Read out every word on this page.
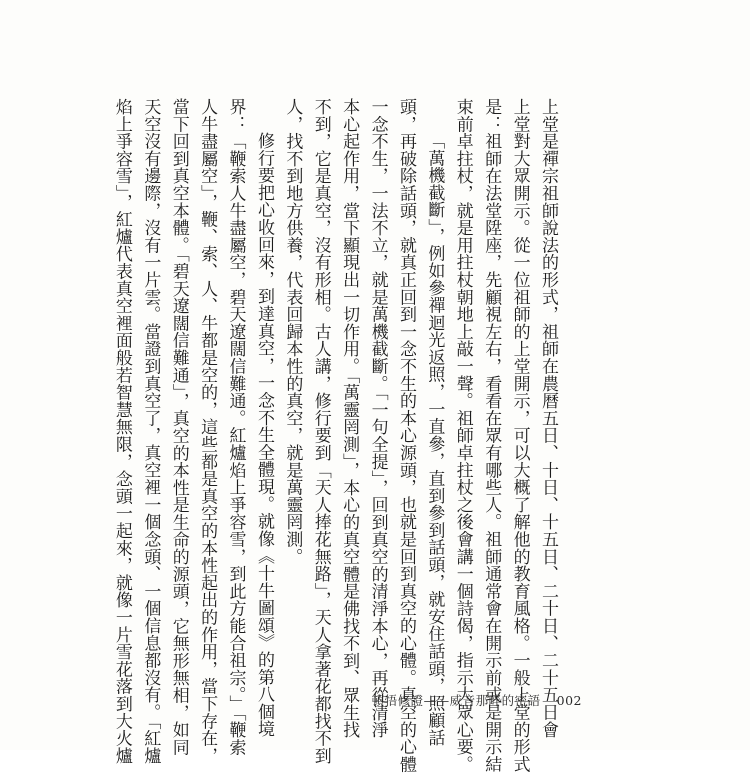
上堂是禪宗祖師說法的形式，祖師在農曆五日、十日、十五日、二十日、二十五日會

上堂對大眾開示。從一位祖師的上堂開示，可以大概了解他的教育風格。一般上堂的形式

是：祖師在法堂陞座，先顧視左右，看看在眾有哪些人。祖師通常會在開示前或是開示結

束前卓拄杖，就是用拄杖朝地上敲一聲。祖師卓拄杖之後會講一個詩偈，指示大眾心要。

「萬機截斷」，例如參禪迴光返照，一直參，直到參到話頭，就安住話頭，照顧話

頭，再破除話頭，就真正回到一念不生的本心源頭，也就是回到真空的心體。真空的心體

一念不生，一法不立，就是萬機截斷。「一句全提」，回到真空的清淨本心，再從清淨

本心起作用，當下顯現出一切作用。「萬靈罔測」，本心的真空體是佛找不到、眾生找

不到，它是真空，沒有形相。古人講，修行要到「天人捧花無路」，天人拿著花都找不到

人，找不到地方供養，代表回歸本性的真空，就是萬靈罔測。

修行要把心收回來，到達真空，一念不生全體現。就像《十牛圖頌》的第八個境

界：「鞭索人牛盡屬空，碧天遼闊信難通。紅爐焰上爭容雪，到此方能合祖宗。」「鞭索

人牛盡屬空」，鞭、索、人、牛都是空的，這些都是真空的本性起出的作用，當下存在，

當下回到真空本體。「碧天遼闊信難通」，真空的本性是生命的源頭，它無形無相，如同

天空沒有邊際，沒有一片雲。當證到真空了，真空裡一個念頭、一個信息都沒有。「紅爐

焰上爭容雪」，紅爐代表真空裡面般若智慧無限，念頭一起來，就像一片雪花落到大火爐	頓悟修證——威音那畔的密語 002
